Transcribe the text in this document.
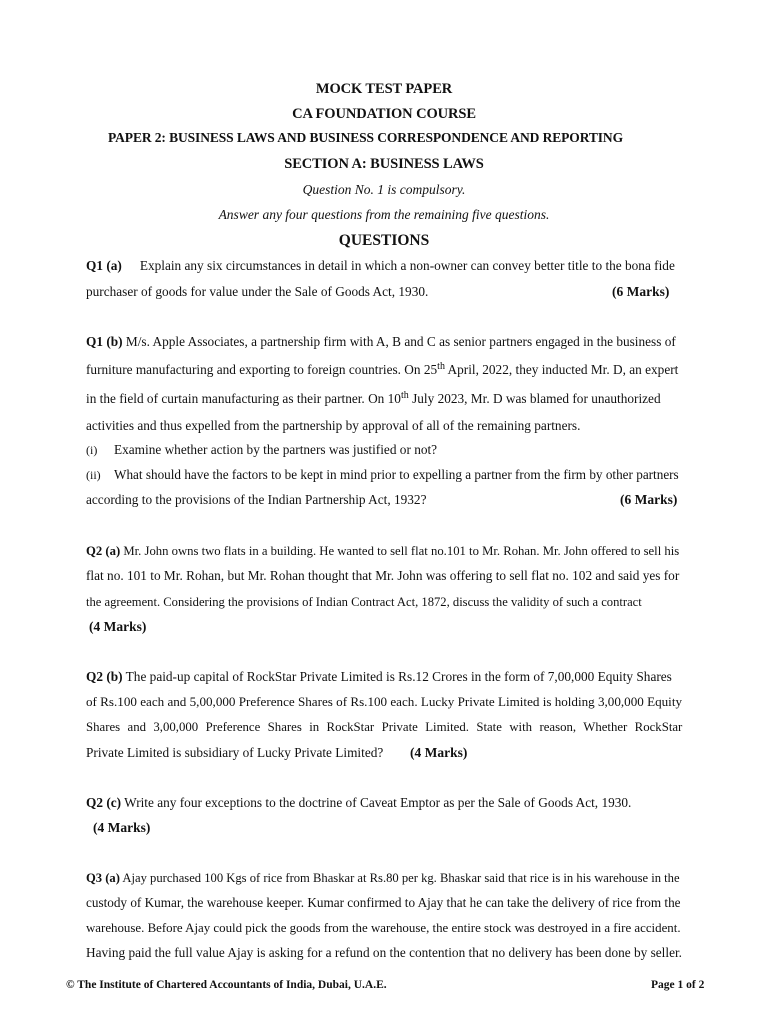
MOCK TEST PAPER
CA FOUNDATION COURSE
PAPER 2: BUSINESS LAWS AND BUSINESS CORRESPONDENCE AND REPORTING
SECTION A: BUSINESS LAWS
Question No. 1 is compulsory.
Answer any four questions from the remaining five questions.
QUESTIONS
Q1 (a) Explain any six circumstances in detail in which a non-owner can convey better title to the bona fide
purchaser of goods for value under the Sale of Goods Act, 1930.	(6 Marks)
Q1 (b) M/s. Apple Associates, a partnership firm with A, B and C as senior partners engaged in the business of
furniture manufacturing and exporting to foreign countries. On 25th April, 2022, they inducted Mr. D, an expert
in the field of curtain manufacturing as their partner. On 10th July 2023, Mr. D was blamed for unauthorized
activities and thus expelled from the partnership by approval of all of the remaining partners.
(i) Examine whether action by the partners was justified or not?
(ii) What should have the factors to be kept in mind prior to expelling a partner from the firm by other partners
according to the provisions of the Indian Partnership Act, 1932?	(6 Marks)
Q2 (a) Mr. John owns two flats in a building. He wanted to sell flat no.101 to Mr. Rohan. Mr. John offered to sell his
flat no. 101 to Mr. Rohan, but Mr. Rohan thought that Mr. John was offering to sell flat no. 102 and said yes for
the agreement. Considering the provisions of Indian Contract Act, 1872, discuss the validity of such a contract
(4 Marks)
Q2 (b) The paid-up capital of RockStar Private Limited is Rs.12 Crores in the form of 7,00,000 Equity Shares
of Rs.100 each and 5,00,000 Preference Shares of Rs.100 each. Lucky Private Limited is holding 3,00,000 Equity
Shares and 3,00,000 Preference Shares in RockStar Private Limited. State with reason, Whether RockStar
Private Limited is subsidiary of Lucky Private Limited?	(4 Marks)
Q2 (c) Write any four exceptions to the doctrine of Caveat Emptor as per the Sale of Goods Act, 1930.
(4 Marks)
Q3 (a) Ajay purchased 100 Kgs of rice from Bhaskar at Rs.80 per kg. Bhaskar said that rice is in his warehouse in the
custody of Kumar, the warehouse keeper. Kumar confirmed to Ajay that he can take the delivery of rice from the
warehouse. Before Ajay could pick the goods from the warehouse, the entire stock was destroyed in a fire accident.
Having paid the full value Ajay is asking for a refund on the contention that no delivery has been done by seller.
© The Institute of Chartered Accountants of India, Dubai, U.A.E.	Page 1 of 2
